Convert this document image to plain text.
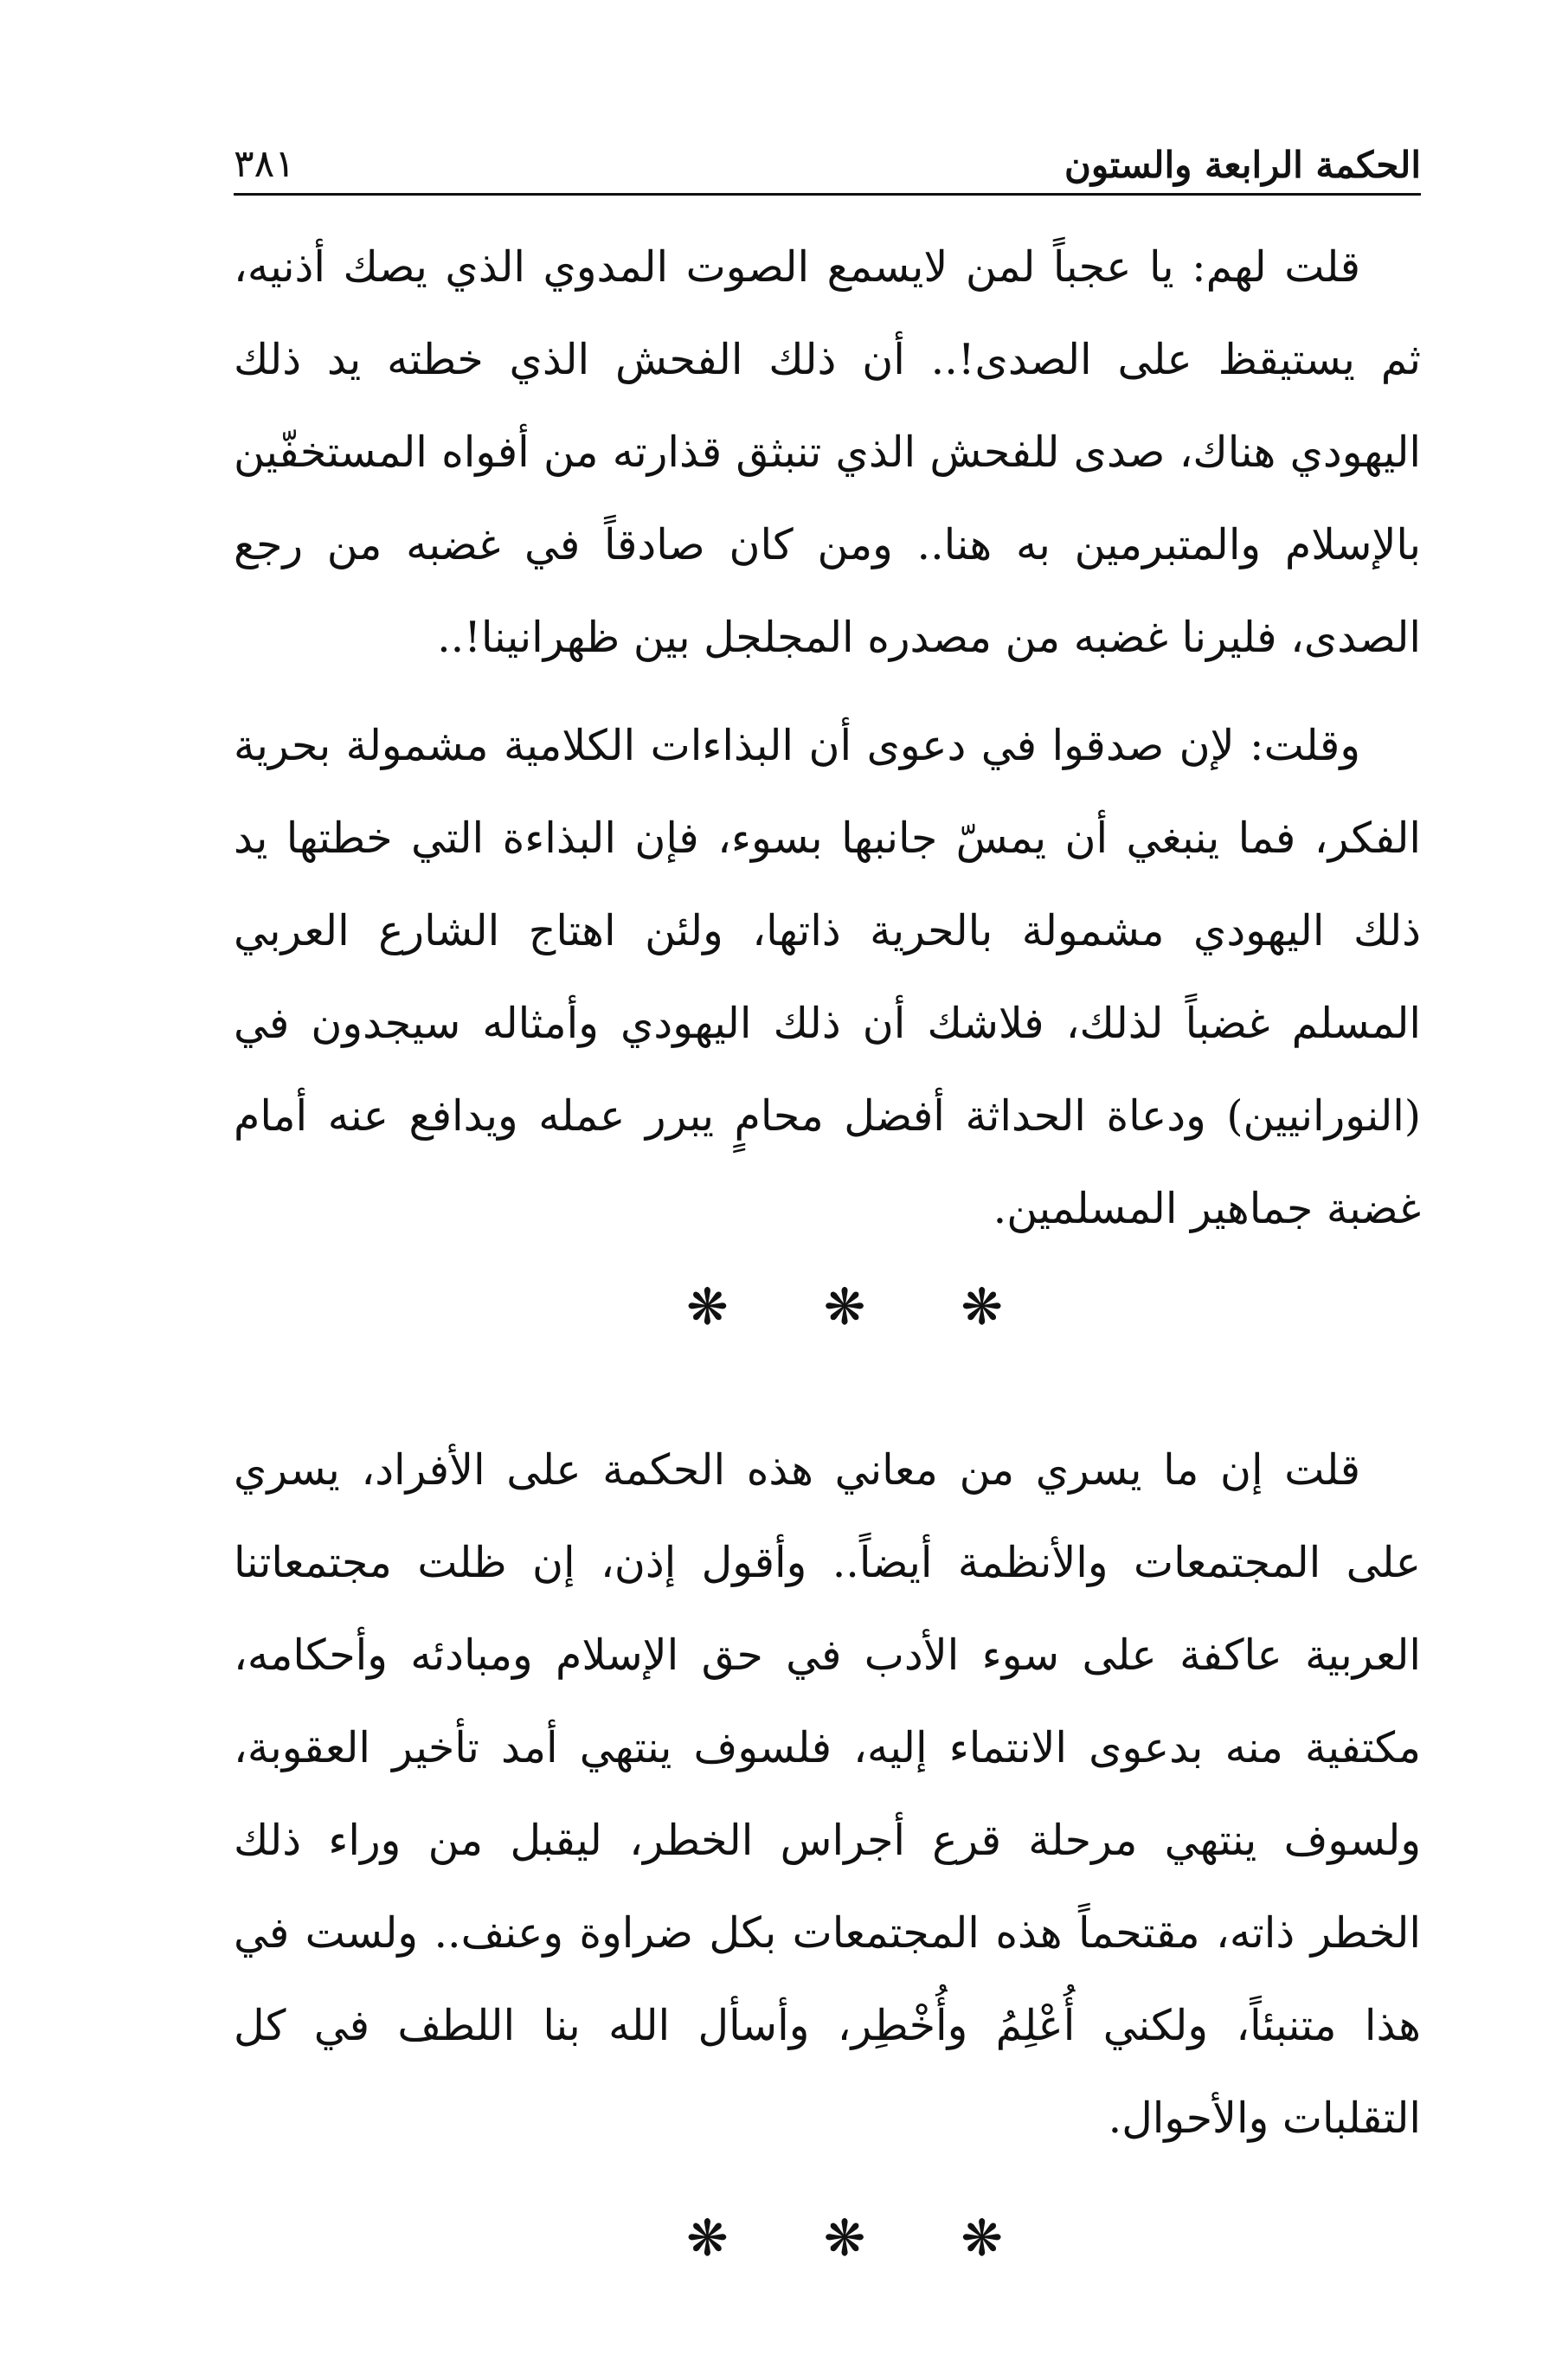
الحكمة الرابعة والستون
٣٨١

قلت لهم: يا عجباً لمن لايسمع الصوت المدوي الذي يصك أذنيه، ثم يستيقظ على الصدى!.. أن ذلك الفحش الذي خطته يد ذلك اليهودي هناك، صدى للفحش الذي تنبثق قذارته من أفواه المستخفّين بالإسلام والمتبرمين به هنا.. ومن كان صادقاً في غضبه من رجع الصدى، فليرنا غضبه من مصدره المجلجل بين ظهرانينا!..

وقلت: لإن صدقوا في دعوى أن البذاءات الكلامية مشمولة بحرية الفكر، فما ينبغي أن يمسّ جانبها بسوء، فإن البذاءة التي خطتها يد ذلك اليهودي مشمولة بالحرية ذاتها، ولئن اهتاج الشارع العربي المسلم غضباً لذلك، فلاشك أن ذلك اليهودي وأمثاله سيجدون في (النورانيين) ودعاة الحداثة أفضل محامٍ يبرر عمله ويدافع عنه أمام غضبة جماهير المسلمين.

❋
❋
❋

قلت إن ما يسري من معاني هذه الحكمة على الأفراد، يسري على المجتمعات والأنظمة أيضاً.. وأقول إذن، إن ظلت مجتمعاتنا العربية عاكفة على سوء الأدب في حق الإسلام ومبادئه وأحكامه، مكتفية منه بدعوى الانتماء إليه، فلسوف ينتهي أمد تأخير العقوبة، ولسوف ينتهي مرحلة قرع أجراس الخطر، ليقبل من وراء ذلك الخطر ذاته، مقتحماً هذه المجتمعات بكل ضراوة وعنف.. ولست في هذا متنبئاً، ولكني أُعْلِمُ وأُخْطِر، وأسأل الله بنا اللطف في كل التقلبات والأحوال.

❋
❋
❋
